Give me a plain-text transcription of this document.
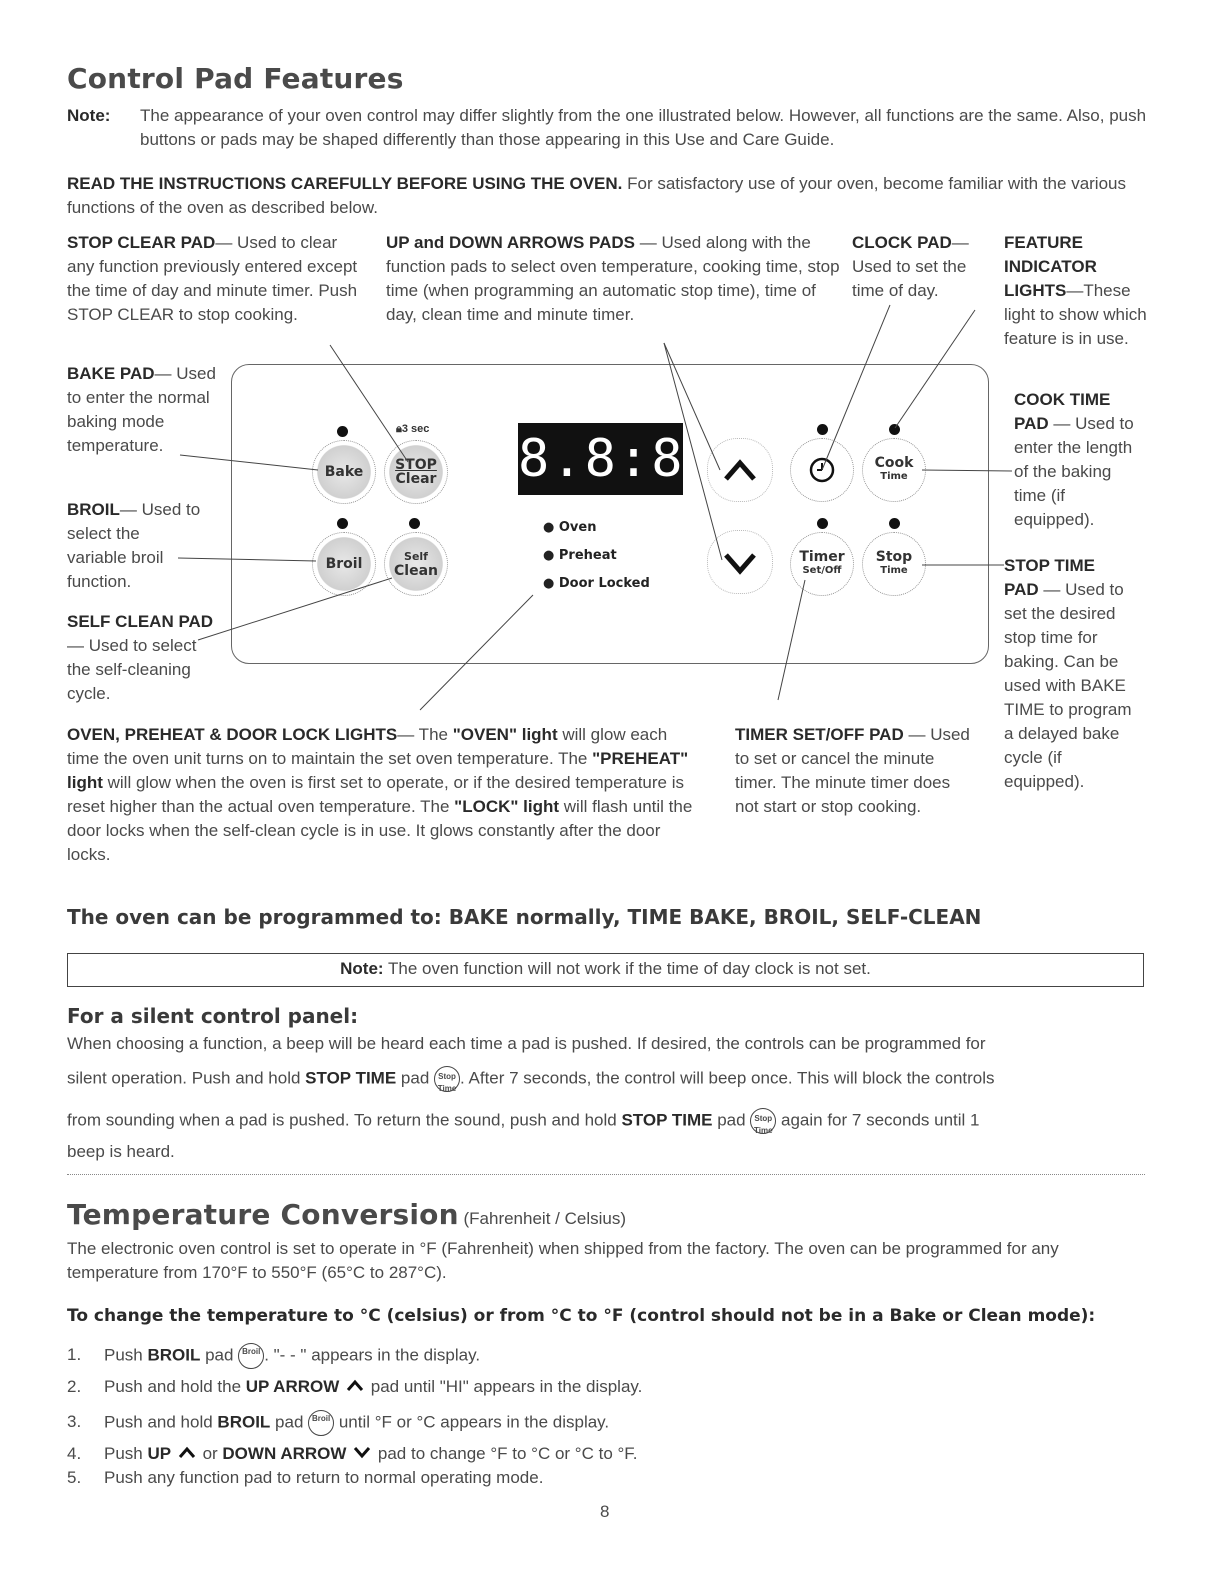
Control Pad Features
Note: The appearance of your oven control may differ slightly from the one illustrated below. However, all functions are the same. Also, push buttons or pads may be shaped differently than those appearing in this Use and Care Guide.
READ THE INSTRUCTIONS CAREFULLY BEFORE USING THE OVEN. For satisfactory use of your oven, become familiar with the various functions of the oven as described below.
STOP CLEAR PAD— Used to clear any function previously entered except the time of day and minute timer. Push STOP CLEAR to stop cooking.
UP and DOWN ARROWS PADS — Used along with the function pads to select oven temperature, cooking time, stop time (when programming an automatic stop time), time of day, clean time and minute timer.
CLOCK PAD— Used to set the time of day.
FEATURE INDICATOR LIGHTS—These light to show which feature is in use.
BAKE PAD— Used to enter the normal baking mode temperature.
BROIL— Used to select the variable broil function.
SELF CLEAN PAD— Used to select the self-cleaning cycle.
COOK TIME PAD — Used to enter the length of the baking time (if equipped).
STOP TIME PAD — Used to set the desired stop time for baking. Can be used with BAKE TIME to program a delayed bake cycle (if equipped).
🔒︎3 sec
Bake STOP
Clear
Broil	Self
Clean
8.8:8.8
● Oven
● Preheat
● Door Locked
Cook
Time
Timer
Set/Off
Stop
Time
OVEN, PREHEAT & DOOR LOCK LIGHTS— The "OVEN" light will glow each time the oven unit turns on to maintain the set oven temperature. The "PREHEAT" light will glow when the oven is first set to operate, or if the desired temperature is reset higher than the actual oven temperature. The "LOCK" light will flash until the door locks when the self-clean cycle is in use. It glows constantly after the door locks.
TIMER SET/OFF PAD — Used to set or cancel the minute timer. The minute timer does not start or stop cooking.
The oven can be programmed to: BAKE normally, TIME BAKE, BROIL, SELF-CLEAN
Note: The oven function will not work if the time of day clock is not set.
For a silent control panel:
When choosing a function, a beep will be heard each time a pad is pushed. If desired, the controls can be programmed for
silent operation. Push and hold STOP TIME pad Stop
Time. After 7 seconds, the control will beep once. This will block the controls
from sounding when a pad is pushed. To return the sound, push and hold STOP TIME pad Stop
Time again for 7 seconds until 1
beep is heard.
Temperature Conversion (Fahrenheit / Celsius)
The electronic oven control is set to operate in °F (Fahrenheit) when shipped from the factory. The oven can be programmed for any temperature from 170°F to 550°F (65°C to 287°C).
To change the temperature to °C (celsius) or from °C to °F (control should not be in a Bake or Clean mode):
1. Push BROIL pad Broil . "- - " appears in the display.
2. Push and hold the UP ARROW  pad until "HI" appears in the display.
3. Push and hold BROIL pad Broil until °F or °C appears in the display.
4. Push UP  or DOWN ARROW  pad to change °F to °C or °C to °F.
5. Push any function pad to return to normal operating mode.
8
